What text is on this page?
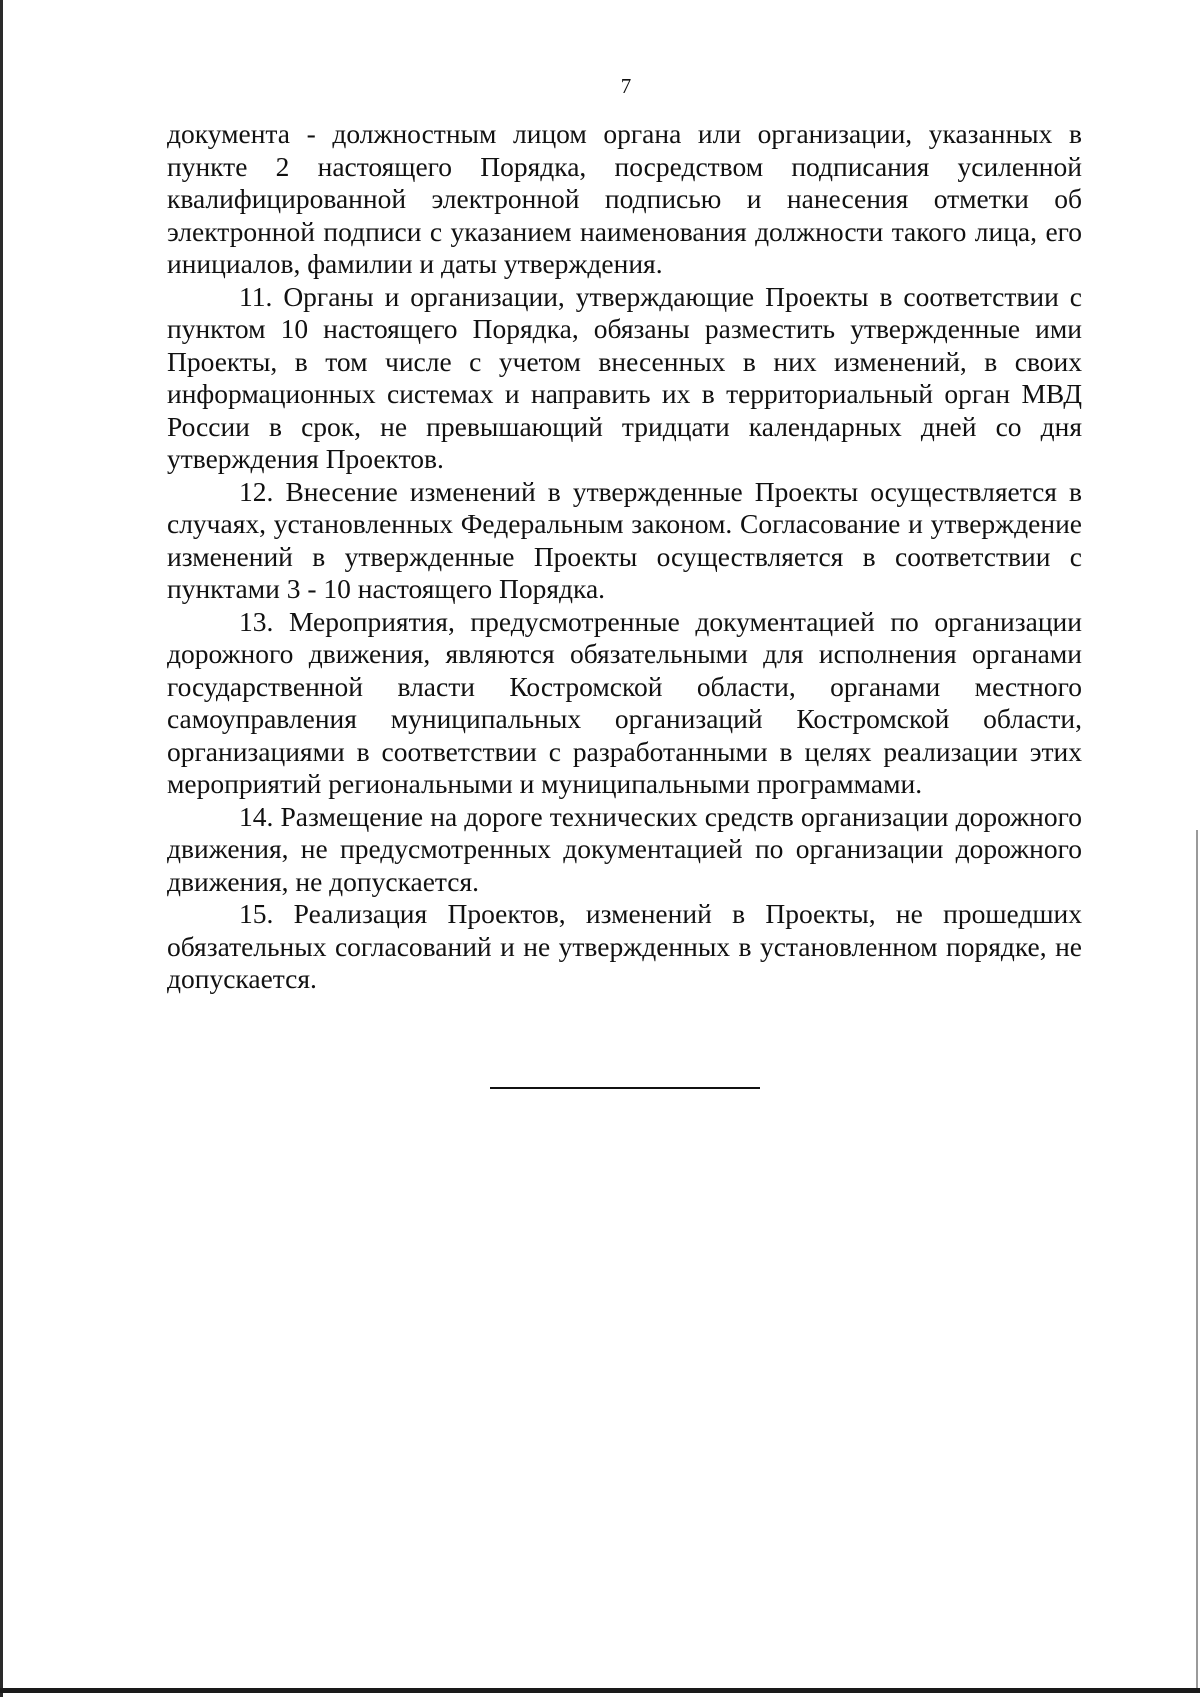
7

документа - должностным лицом органа или организации, указанных в пункте 2 настоящего Порядка, посредством подписания усиленной квалифицированной электронной подписью и нанесения отметки об электронной подписи с указанием наименования должности такого лица, его инициалов, фамилии и даты утверждения.

11. Органы и организации, утверждающие Проекты в соответствии с пунктом 10 настоящего Порядка, обязаны разместить утвержденные ими Проекты, в том числе с учетом внесенных в них изменений, в своих информационных системах и направить их в территориальный орган МВД России в срок, не превышающий тридцати календарных дней со дня утверждения Проектов.

12. Внесение изменений в утвержденные Проекты осуществляется в случаях, установленных Федеральным законом. Согласование и утверждение изменений в утвержденные Проекты осуществляется в соответствии с пунктами 3 - 10 настоящего Порядка.

13. Мероприятия, предусмотренные документацией по организации дорожного движения, являются обязательными для исполнения органами государственной власти Костромской области, органами местного самоуправления муниципальных организаций Костромской области, организациями в соответствии с разработанными в целях реализации этих мероприятий региональными и муниципальными программами.

14. Размещение на дороге технических средств организации дорожного движения, не предусмотренных документацией по организации дорожного движения, не допускается.

15. Реализация Проектов, изменений в Проекты, не прошедших обязательных согласований и не утвержденных в установленном порядке, не допускается.
